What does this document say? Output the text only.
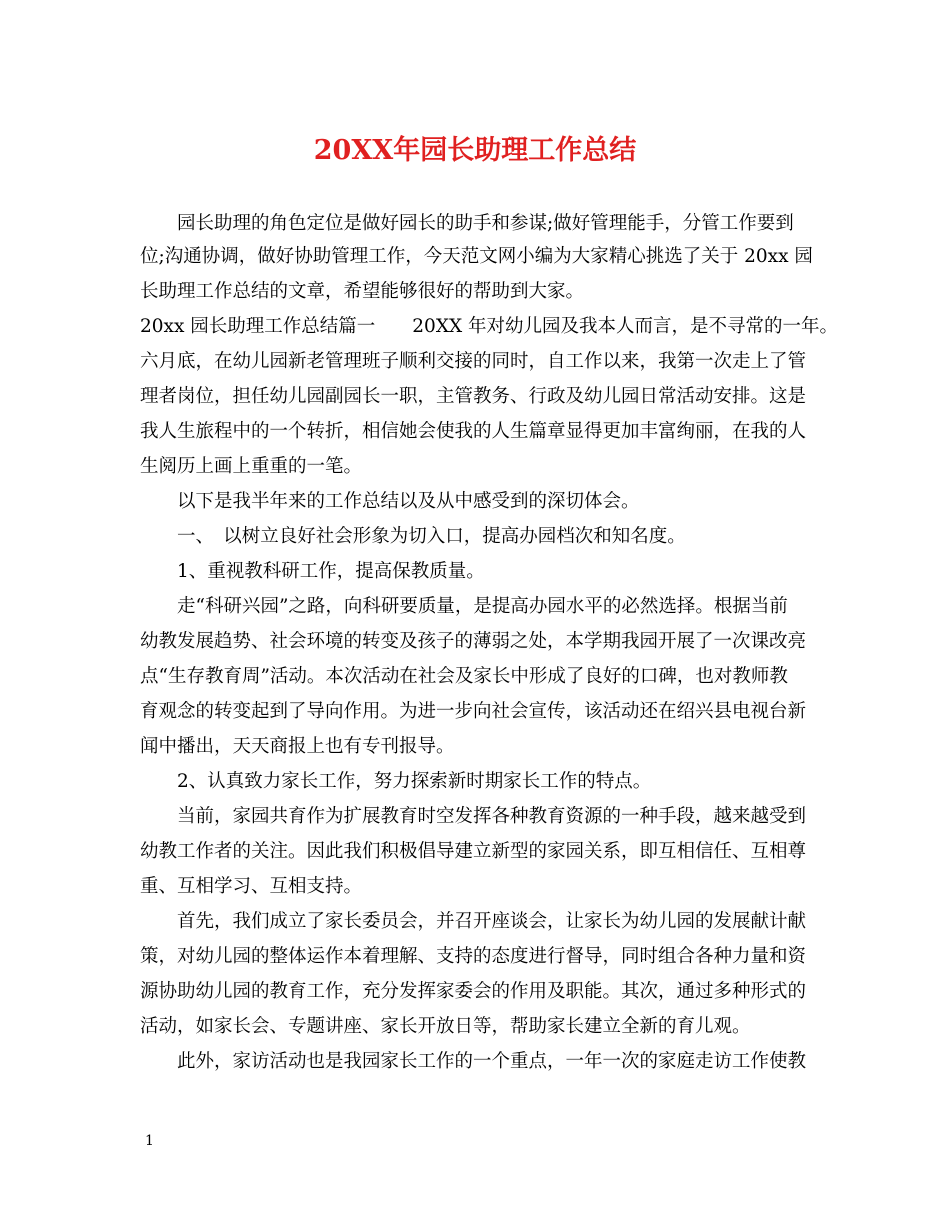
20XX年园长助理工作总结
　　园长助理的角色定位是做好园长的助手和参谋;做好管理能手，分管工作要到
位;沟通协调，做好协助管理工作，今天范文网小编为大家精心挑选了关于 20xx 园
长助理工作总结的文章，希望能够很好的帮助到大家。
20xx 园长助理工作总结篇一　　20XX 年对幼儿园及我本人而言，是不寻常的一年。
六月底，在幼儿园新老管理班子顺利交接的同时，自工作以来，我第一次走上了管
理者岗位，担任幼儿园副园长一职，主管教务、行政及幼儿园日常活动安排。这是
我人生旅程中的一个转折，相信她会使我的人生篇章显得更加丰富绚丽，在我的人
生阅历上画上重重的一笔。
　　以下是我半年来的工作总结以及从中感受到的深切体会。
　　一、　以树立良好社会形象为切入口，提高办园档次和知名度。
　　1、重视教科研工作，提高保教质量。
　　走“科研兴园”之路，向科研要质量，是提高办园水平的必然选择。根据当前
幼教发展趋势、社会环境的转变及孩子的薄弱之处，本学期我园开展了一次课改亮
点“生存教育周”活动。本次活动在社会及家长中形成了良好的口碑，也对教师教
育观念的转变起到了导向作用。为进一步向社会宣传，该活动还在绍兴县电视台新
闻中播出，天天商报上也有专刊报导。
　　2、认真致力家长工作，努力探索新时期家长工作的特点。
　　当前，家园共育作为扩展教育时空发挥各种教育资源的一种手段，越来越受到
幼教工作者的关注。因此我们积极倡导建立新型的家园关系，即互相信任、互相尊
重、互相学习、互相支持。
　　首先，我们成立了家长委员会，并召开座谈会，让家长为幼儿园的发展献计献
策，对幼儿园的整体运作本着理解、支持的态度进行督导，同时组合各种力量和资
源协助幼儿园的教育工作，充分发挥家委会的作用及职能。其次，通过多种形式的
活动，如家长会、专题讲座、家长开放日等，帮助家长建立全新的育儿观。
　　此外，家访活动也是我园家长工作的一个重点，一年一次的家庭走访工作使教
1
